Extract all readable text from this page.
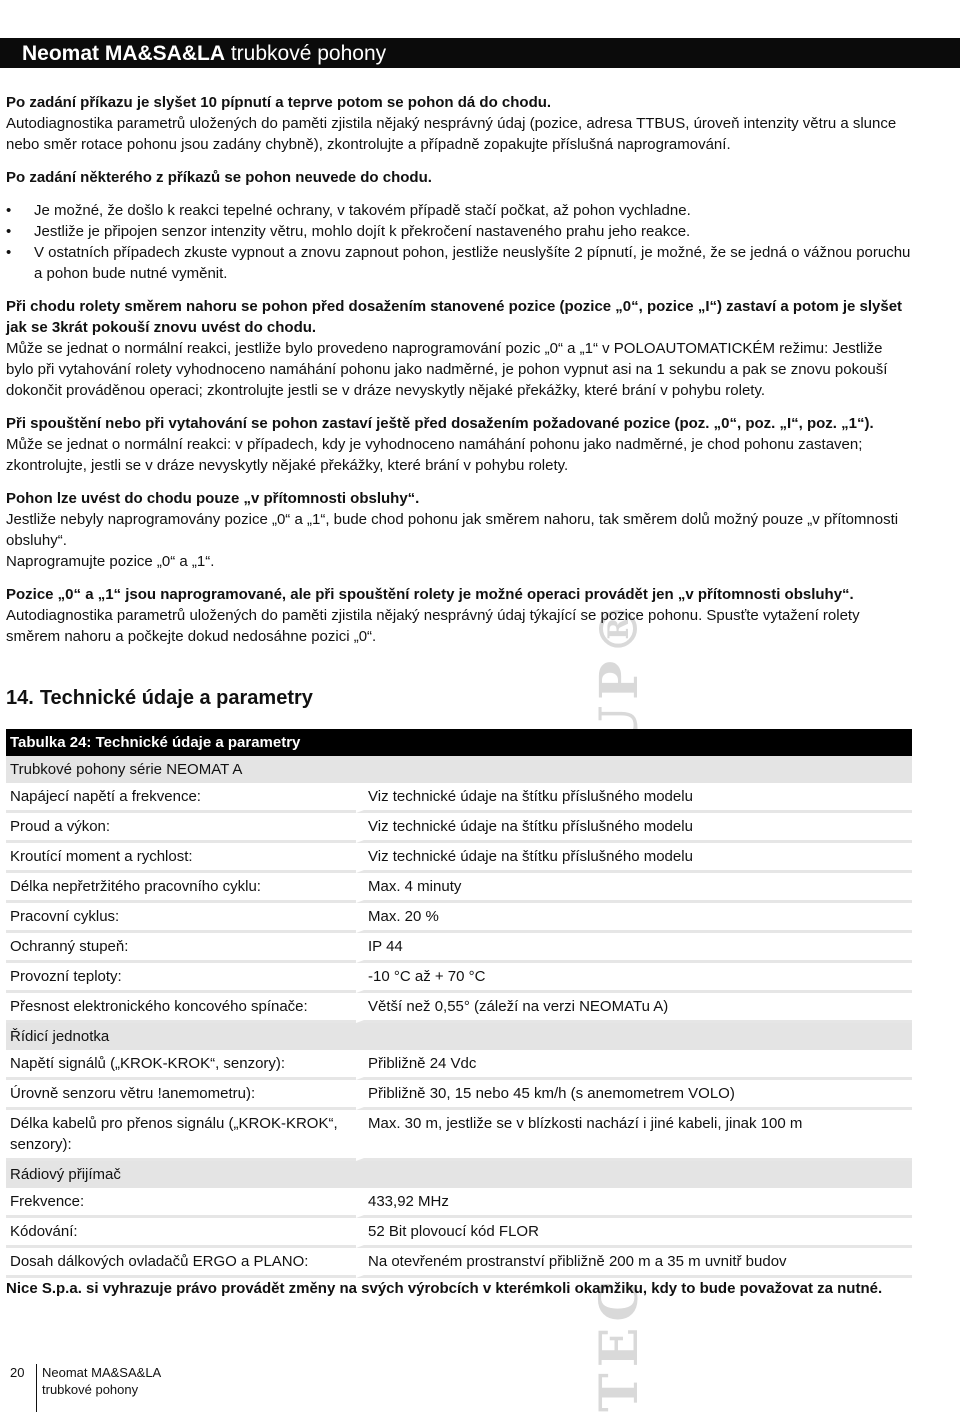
Neomat MA&SA&LA trubkové pohony

Po zadání příkazu je slyšet 10 pípnutí a teprve potom se pohon dá do chodu.

Autodiagnostika parametrů uložených do paměti zjistila nějaký nesprávný údaj (pozice, adresa TTBUS, úroveň intenzity větru a slunce nebo směr rotace pohonu jsou zadány chybně), zkontrolujte a případně zopakujte příslušná naprogramování.

Po zadání některého z příkazů se pohon neuvede do chodu.

• Je možné, že došlo k reakci tepelné ochrany, v takovém případě stačí počkat, až pohon vychladne.
• Jestliže je připojen senzor intenzity větru, mohlo dojít k překročení nastaveného prahu jeho reakce.
• V ostatních případech zkuste vypnout a znovu zapnout pohon, jestliže neuslyšíte 2 pípnutí, je možné, že se jedná o vážnou poruchu a pohon bude nutné vyměnit.

Při chodu rolety směrem nahoru se pohon před dosažením stanovené pozice (pozice „0“, pozice „I“) zastaví a potom je slyšet jak se 3krát pokouší znovu uvést do chodu.

Může se jednat o normální reakci, jestliže bylo provedeno naprogramování pozic „0“ a „1“ v POLOAUTOMATICKÉM režimu: Jestliže bylo při vytahování rolety vyhodnoceno namáhání pohonu jako nadměrné, je pohon vypnut asi na 1 sekundu a pak se znovu pokouší dokončit prováděnou operaci; zkontrolujte jestli se v dráze nevyskytly nějaké překážky, které brání v pohybu rolety.

Při spouštění nebo při vytahování se pohon zastaví ještě před dosažením požadované pozice (poz. „0“, poz. „I“, poz. „1“).

Může se jednat o normální reakci: v případech, kdy je vyhodnoceno namáhání pohonu jako nadměrné, je chod pohonu zastaven; zkontrolujte, jestli se v dráze nevyskytly nějaké překážky, které brání v pohybu rolety.

Pohon lze uvést do chodu pouze „v přítomnosti obsluhy“.

Jestliže nebyly naprogramovány pozice „0“ a „1“, bude chod pohonu jak směrem nahoru, tak směrem dolů možný pouze „v přítomnosti obsluhy“.

Naprogramujte pozice „0“ a „1“.

Pozice „0“ a „1“ jsou naprogramované, ale při spouštění rolety je možné operaci provádět jen „v přítomnosti obsluhy“.

Autodiagnostika parametrů uložených do paměti zjistila nějaký nesprávný údaj týkající se pozice pohonu. Spusťte vytažení rolety směrem nahoru a počkejte dokud nedosáhne pozici „0“.

14. Technické údaje a parametry
Tabulka 24: Technické údaje a parametry	
Trubkové pohony série NEOMAT A	
Napájecí napětí a frekvence:	Viz technické údaje na štítku příslušného modelu
Proud a výkon:	Viz technické údaje na štítku příslušného modelu
Kroutící moment a rychlost:	Viz technické údaje na štítku příslušného modelu
Délka nepřetržitého pracovního cyklu:	Max. 4 minuty
Pracovní cyklus:	Max. 20 %
Ochranný stupeň:	IP 44
Provozní teploty:	-10 °C až + 70 °C
Přesnost elektronického koncového spínače:	Větší než 0,55° (záleží na verzi NEOMATu A)
Řídicí jednotka	
Napětí signálů („KROK-KROK“, senzory):	Přibližně 24 Vdc
Úrovně senzoru větru !anemometru):	Přibližně 30, 15 nebo 45 km/h (s anemometrem VOLO)
Délka kabelů pro přenos signálu („KROK-KROK“, senzory):	Max. 30 m, jestliže se v blízkosti nachází i jiné kabeli, jinak 100 m
Rádiový přijímač	
Frekvence:	433,92 MHz
Kódování:	52 Bit plovoucí kód FLOR
Dosah dálkových ovladačů ERGO a PLANO:	Na otevřeném prostranství přibližně 200 m a 35 m uvnitř budov

Nice S.p.a. si vyhrazuje právo provádět změny na svých výrobcích v kterémkoli okamžiku, kdy to bude považovat za nutné.

20 Neomat MA&SA&LA
trubkové pohony
